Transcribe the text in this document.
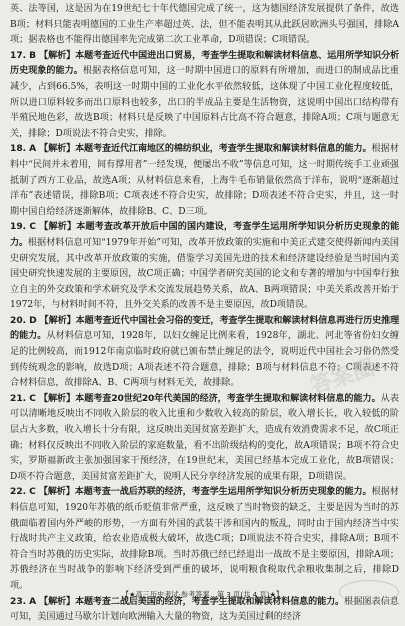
英、法等国，这是因为在19世纪七十年代德国完成了统一，这为德国经济发展提供了条件，故选B项；材料只能表明德国的工业生产率超过英、法，但不能表明其从此跃居欧洲头号强国，排除A项；据表格也不能得出德国率先完成第二次工业革命，D项错误；C项错误。

17. B 【解析】本题考查近代中国进出口贸易，考查学生提取和解读材料信息、运用所学知识分析历史现象的能力。根据表格信息可知，这一时期中国进口的原料有所增加，而进口的制成品比重减少，占到66.5%，表明这一时期中国的工业化水平依然较低，这体现了中国工业化程度较低，所以进口原料较多而出口原料也较多，出口的半成品主要是生活物资，这说明中国出口结构带有半殖民地色彩，故选B项；材料只是反映了中国原料占比高不符合题意，排除A项；C项与题意无关，排除；D项说法不符合史实，排除。

18. A 【解析】本题考查近代江南地区的棉纺织业，考查学生提取和解读材料信息的能力。根据材料中“民间并未着用，间有撑用者”一经发现，便屡出不收”等信息可知，这一时期传统手工业顽强抵制了西方工业品，故选A项；从材料信息来看，上海牛毛布销量依然高于洋布，说明“逐渐超过洋布”表述错误，排除B项；C项表述不符合史实，故排除；D项表述不符合史实，并且，这一时期中国自给经济逐渐解体，故排除B、C、D三项。

19. C 【解析】本题考查改革开放后中国的国内建设，考查学生运用所学知识分析历史现象的能力。根据材料信息可知“1979年开始”可知，改革开放政策的实施和中美正式建交使得新闻内美国史研究发展，其中改革开放政策的实施，借鉴学习美国先进的技术和经济建设经验是当时国内美国史研究快速发展的主要原因，故C项正确；中国学者研究美国的论文和专著的增加与中国奉行独立自主的外交政策和学术研究及学术交流发展趋势关系，故A、B两项错误；中美关系改善开始于1972年，与材料时间不符，且外交关系的改善不是主要原因，故D项错误。

20. D 【解析】本题考查近代中国社会习俗的变迁，考查学生提取和解读材料信息再进行历史推理的能力。从材料信息可知，1928年，以妇女缠足比例来看，1928年，湖北、河北等省份妇女缠足的比例较高，而1912年南京临时政府就已颁布禁止缠足的法令，说明近代中国社会习俗仍然受到传统观念的影响，故选D项；A项表述不符合题意，排除；B项与材料信息不符；C项表述不符合材料信息，故排除A、B、C两项与材料无关，故排除。

21. C 【解析】本题考查20世纪20年代美国的经济，考查学生提取和解读材料信息的能力。从表可以清晰地反映出不同收入阶层的收入比重和少数收入较高的阶层，收入增长长，收入较低的阶层占大多数，收入增长十分有限，这反映出美国贫富差距扩大，造成有效消费需求不足，故C项正确；材料仅反映出不同收入阶层的家庭数量，看不出阶级结构的变化，故A项错误；B项不符合史实，罗斯福新政主张加强国家干预经济，在19世纪末，美国已经基本完成工业化，故B项错误；D项不符合题意，美国贫富差距扩大，说明人民分享经济发展的成果有限，D项错误。

22. C 【解析】本题考查一战后苏联的经济，考查学生运用所学知识分析历史现象的能力。根据材料信息可知，1920年苏俄的纸币贬值非常严重，这反映了当时物资的缺乏，主要是因为当时的苏俄面临着国内外严峻的形势，一方面有外国的武装干涉和国内的叛乱，同时由于国内经济当中实行战时共产主义政策，给农业造成极大破坏，故选C项；D项说法不符合史实，排除A项；B项不符合当时苏俄的历史实际，故排除B项。当时苏俄已经已经退出一战故不是主要原因，排除A项；苏俄经济在当时战争的影响下经济受到严重的破坏，说明粮食税取代余粮收集制之后，排除D项。

23. A 【解析】本题考查二战后美国的经济，考查学生提取和解读材料信息的能力。根据图表信息可知，美国通过马歇尔计划向欧洲输入大量的物资，这为美国过剩的经济

答案圈
【★高三历史考试·参考答案　第 3 页(共 4 页)★】
